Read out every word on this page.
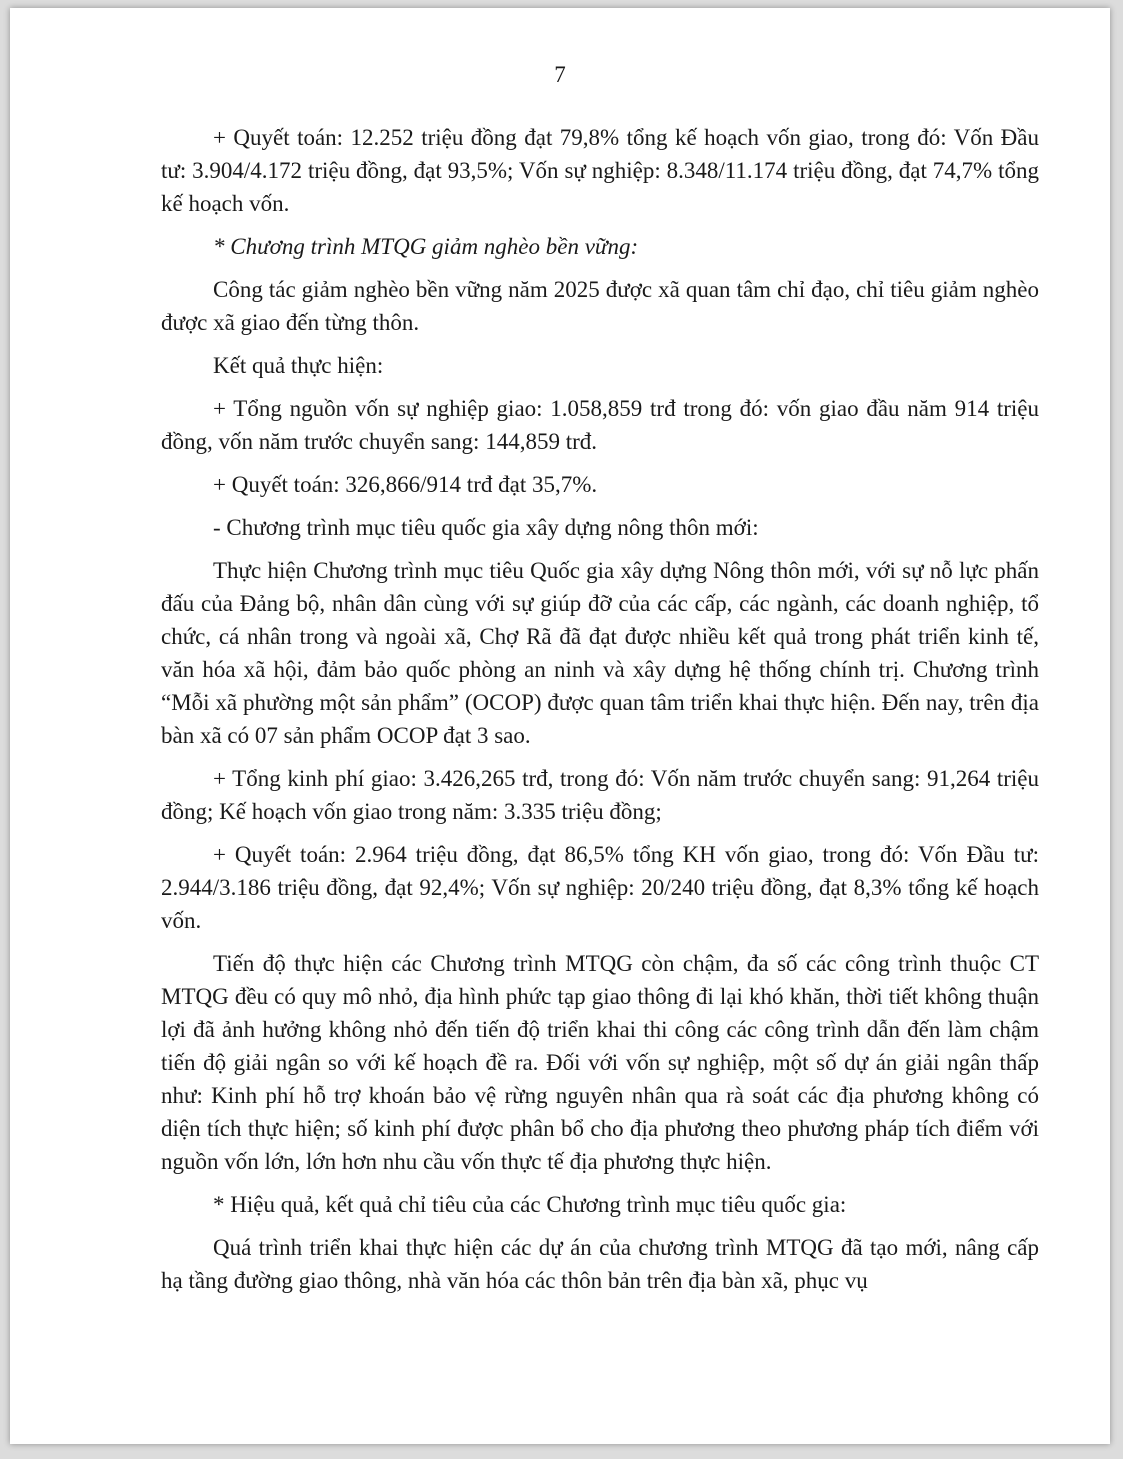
7

+ Quyết toán: 12.252 triệu đồng đạt 79,8% tổng kế hoạch vốn giao, trong đó: Vốn Đầu tư: 3.904/4.172 triệu đồng, đạt 93,5%; Vốn sự nghiệp: 8.348/11.174 triệu đồng, đạt 74,7% tổng kế hoạch vốn.

* Chương trình MTQG giảm nghèo bền vững:

Công tác giảm nghèo bền vững năm 2025 được xã quan tâm chỉ đạo, chỉ tiêu giảm nghèo được xã giao đến từng thôn.

Kết quả thực hiện:

+ Tổng nguồn vốn sự nghiệp giao: 1.058,859 trđ trong đó: vốn giao đầu năm 914 triệu đồng, vốn năm trước chuyển sang: 144,859 trđ.

+ Quyết toán: 326,866/914 trđ đạt 35,7%.

- Chương trình mục tiêu quốc gia xây dựng nông thôn mới:

Thực hiện Chương trình mục tiêu Quốc gia xây dựng Nông thôn mới, với sự nỗ lực phấn đấu của Đảng bộ, nhân dân cùng với sự giúp đỡ của các cấp, các ngành, các doanh nghiệp, tổ chức, cá nhân trong và ngoài xã, Chợ Rã đã đạt được nhiều kết quả trong phát triển kinh tế, văn hóa xã hội, đảm bảo quốc phòng an ninh và xây dựng hệ thống chính trị. Chương trình “Mỗi xã phường một sản phẩm” (OCOP) được quan tâm triển khai thực hiện. Đến nay, trên địa bàn xã có 07 sản phẩm OCOP đạt 3 sao.

+ Tổng kinh phí giao: 3.426,265 trđ, trong đó: Vốn năm trước chuyển sang: 91,264 triệu đồng; Kế hoạch vốn giao trong năm: 3.335 triệu đồng;

+ Quyết toán: 2.964 triệu đồng, đạt 86,5% tổng KH vốn giao, trong đó: Vốn Đầu tư: 2.944/3.186 triệu đồng, đạt 92,4%; Vốn sự nghiệp: 20/240 triệu đồng, đạt 8,3% tổng kế hoạch vốn.

Tiến độ thực hiện các Chương trình MTQG còn chậm, đa số các công trình thuộc CT MTQG đều có quy mô nhỏ, địa hình phức tạp giao thông đi lại khó khăn, thời tiết không thuận lợi đã ảnh hưởng không nhỏ đến tiến độ triển khai thi công các công trình dẫn đến làm chậm tiến độ giải ngân so với kế hoạch đề ra. Đối với vốn sự nghiệp, một số dự án giải ngân thấp như: Kinh phí hỗ trợ khoán bảo vệ rừng nguyên nhân qua rà soát các địa phương không có diện tích thực hiện; số kinh phí được phân bổ cho địa phương theo phương pháp tích điểm với nguồn vốn lớn, lớn hơn nhu cầu vốn thực tế địa phương thực hiện.

* Hiệu quả, kết quả chỉ tiêu của các Chương trình mục tiêu quốc gia:

Quá trình triển khai thực hiện các dự án của chương trình MTQG đã tạo mới, nâng cấp hạ tầng đường giao thông, nhà văn hóa các thôn bản trên địa bàn xã, phục vụ
